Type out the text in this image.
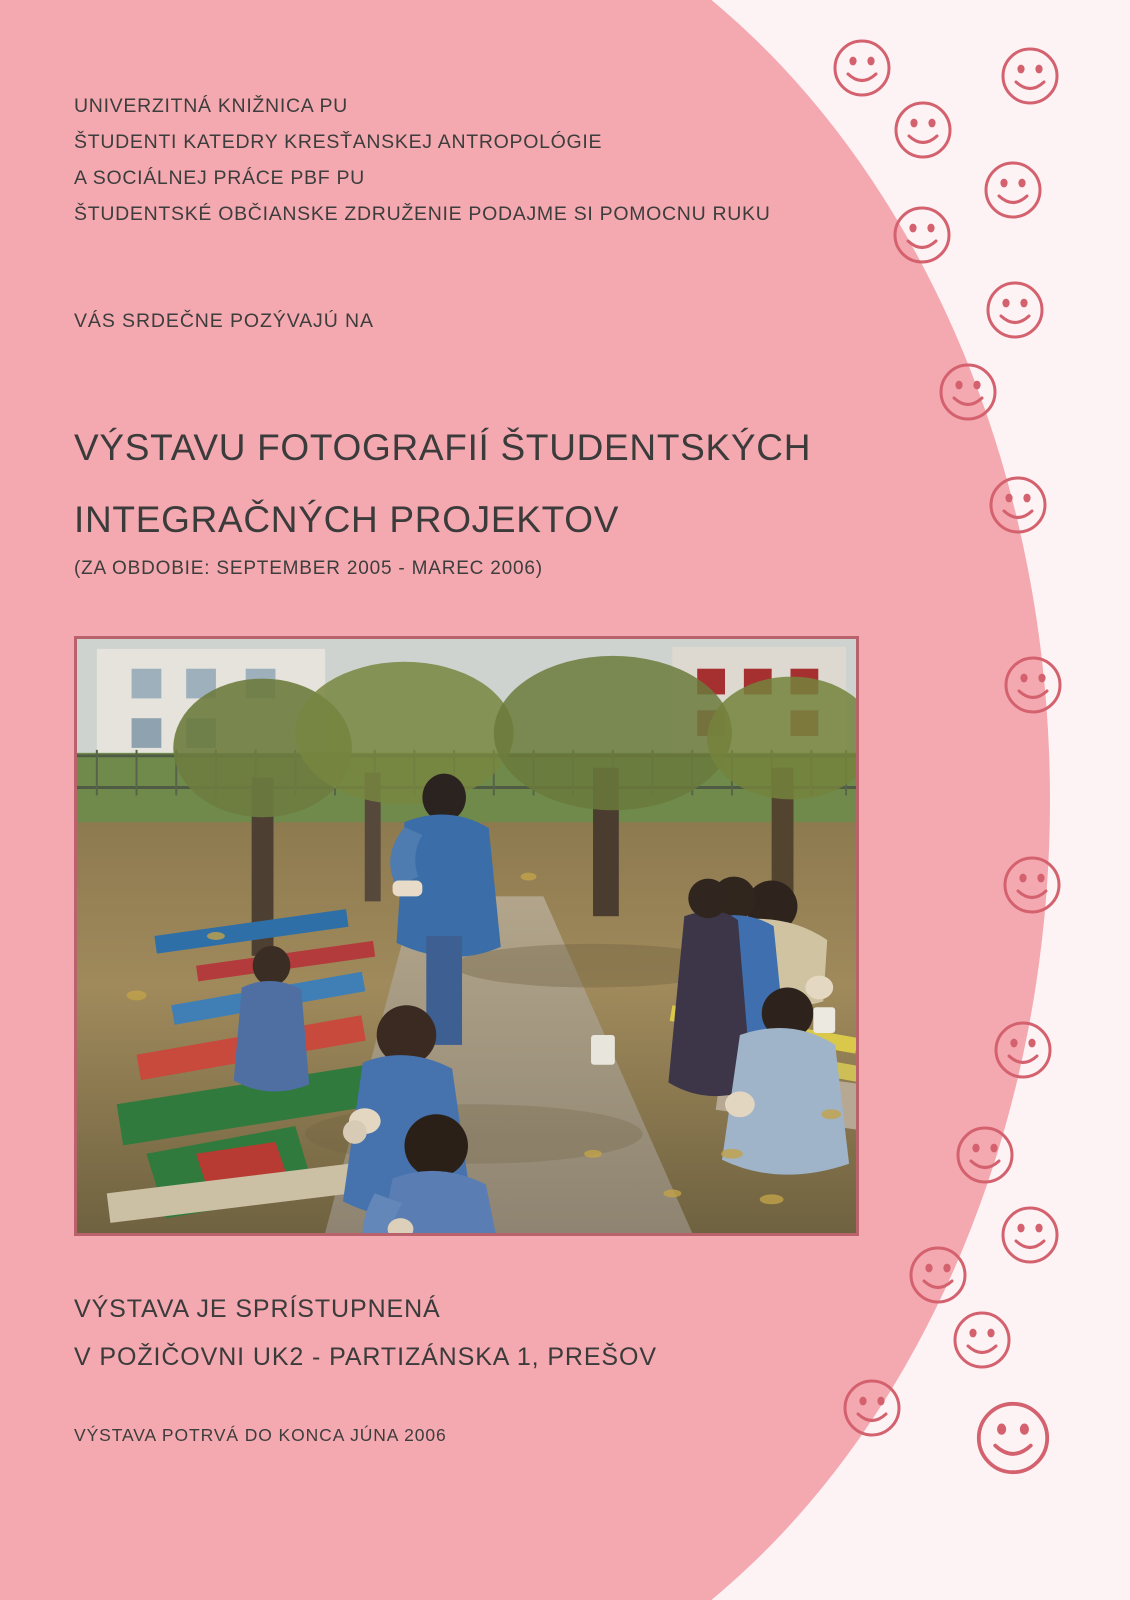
UNIVERZITNÁ KNIŽNICA PU
ŠTUDENTI KATEDRY KRESŤANSKEJ ANTROPOLÓGIE
A SOCIÁLNEJ PRÁCE PBF PU
ŠTUDENTSKÉ OBČIANSKE ZDRUŽENIE PODAJME SI POMOCNU RUKU
VÁS SRDEČNE POZÝVAJÚ NA
VÝSTAVU FOTOGRAFIÍ ŠTUDENTSKÝCH
INTEGRAČNÝCH PROJEKTOV
(ZA OBDOBIE: SEPTEMBER 2005 - MAREC 2006)
VÝSTAVA JE SPRÍSTUPNENÁ
V POŽIČOVNI UK2 - PARTIZÁNSKA 1, PREŠOV
VÝSTAVA POTRVÁ DO KONCA JÚNA 2006
